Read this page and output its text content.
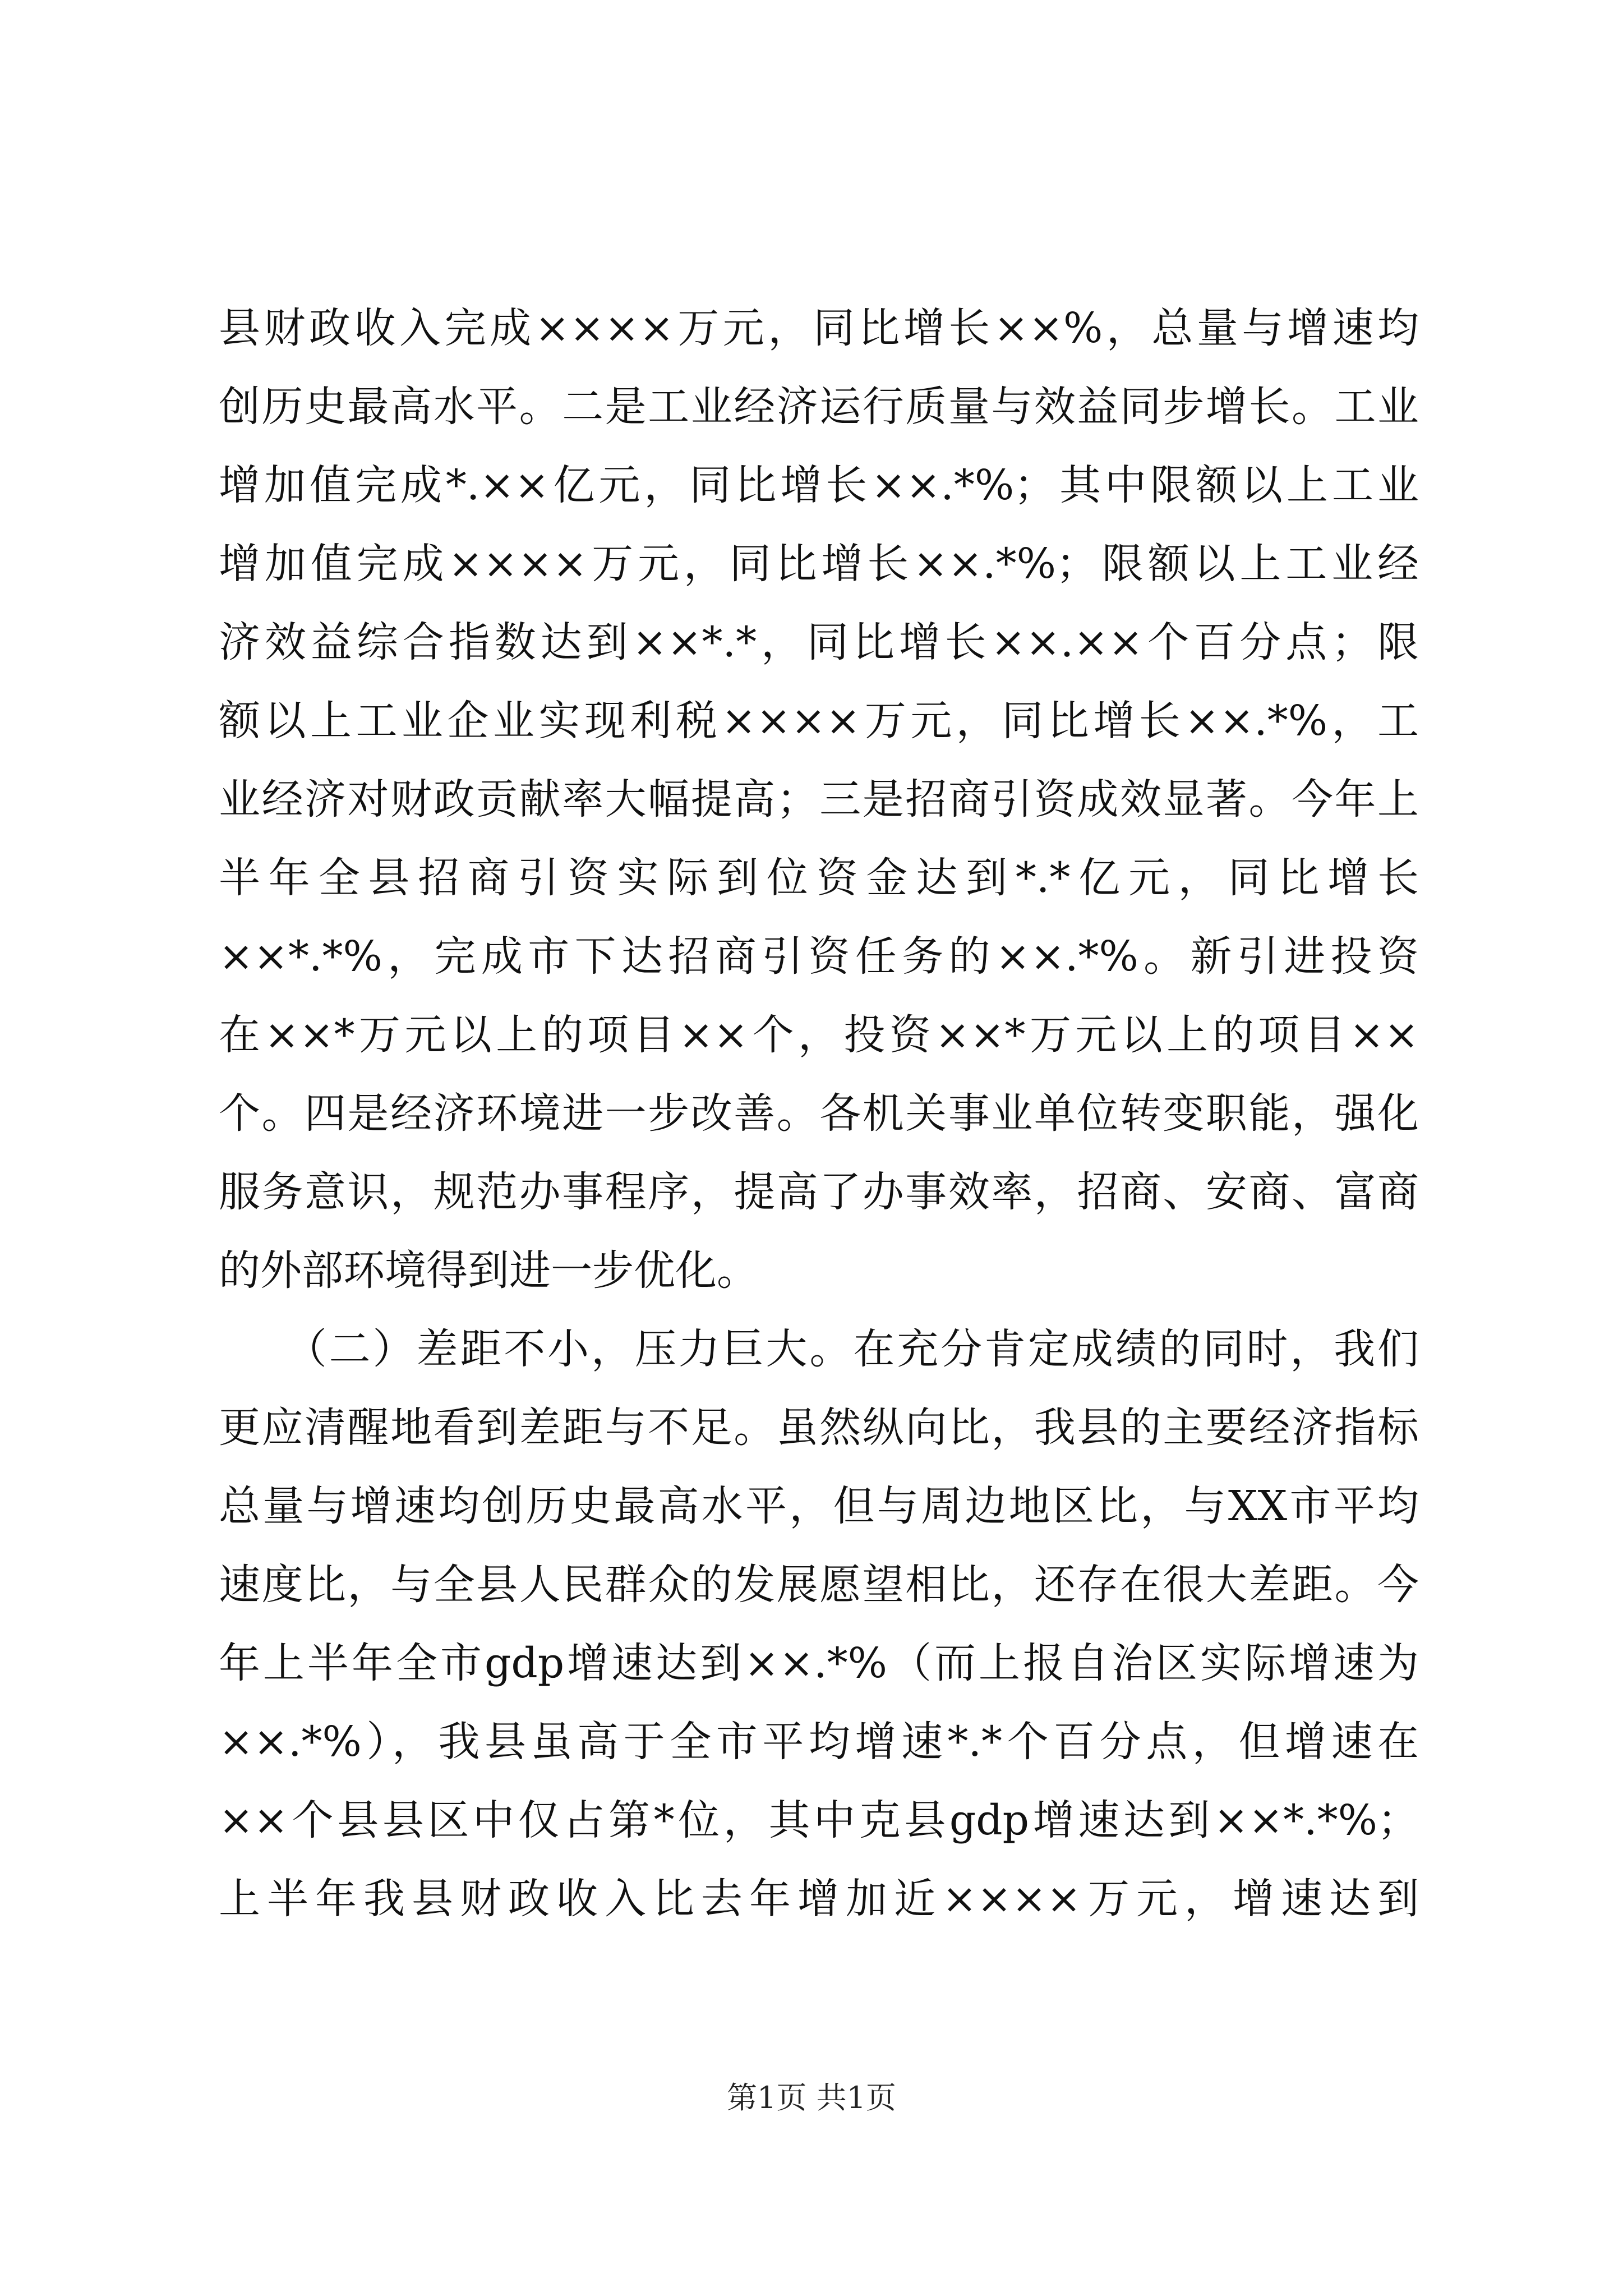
县财政收入完成××××万元，同比增长××%，总量与增速均
创历史最高水平。二是工业经济运行质量与效益同步增长。工业
增加值完成*.××亿元，同比增长××.*%；其中限额以上工业
增加值完成××××万元，同比增长××.*%；限额以上工业经
济效益综合指数达到××*.*，同比增长××.××个百分点；限
额以上工业企业实现利税××××万元，同比增长××.*%，工
业经济对财政贡献率大幅提高；三是招商引资成效显著。今年上
半年全县招商引资实际到位资金达到*.*亿元，同比增长
××*.*%，完成市下达招商引资任务的××.*%。新引进投资
在××*万元以上的项目××个，投资××*万元以上的项目××
个。四是经济环境进一步改善。各机关事业单位转变职能，强化
服务意识，规范办事程序，提高了办事效率，招商、安商、富商
的外部环境得到进一步优化。
　　（二）差距不小，压力巨大。在充分肯定成绩的同时，我们
更应清醒地看到差距与不足。虽然纵向比，我县的主要经济指标
总量与增速均创历史最高水平，但与周边地区比，与XX市平均
速度比，与全县人民群众的发展愿望相比，还存在很大差距。今
年上半年全市gdp增速达到××.*%（而上报自治区实际增速为
××.*%），我县虽高于全市平均增速*.*个百分点，但增速在
××个县县区中仅占第*位，其中克县gdp增速达到××*.*%；
上半年我县财政收入比去年增加近××××万元，增速达到
第1页 共1页
